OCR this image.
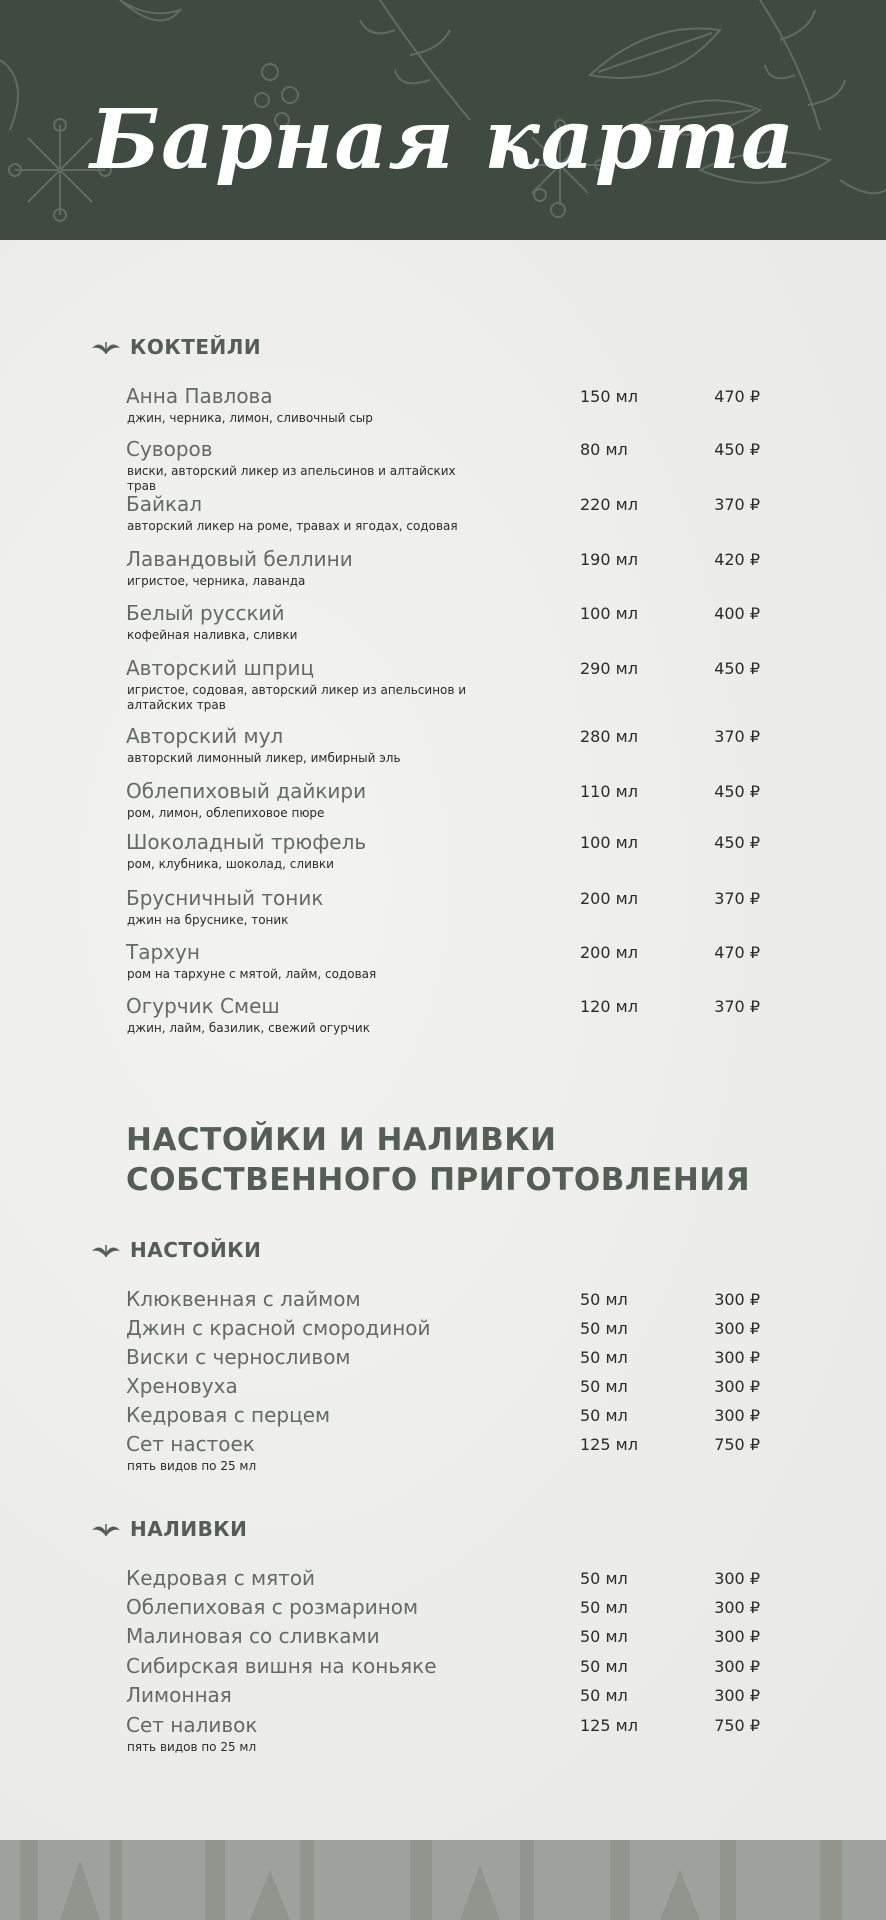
Барная карта
КОКТЕЙЛИ
Анна Павлова
джин, черника, лимон, сливочный сыр
150 мл	470 ₽
Суворов
виски, авторский ликер из апельсинов и алтайских трав
80 мл	450 ₽
Байкал
авторский ликер на роме, травах и ягодах, содовая
220 мл	370 ₽
Лавандовый беллини
игристое, черника, лаванда
190 мл	420 ₽
Белый русский
кофейная наливка, сливки
100 мл	400 ₽
Авторский шприц
игристое, содовая, авторский ликер из апельсинов и алтайских трав
290 мл	450 ₽
Авторский мул
авторский лимонный ликер, имбирный эль
280 мл	370 ₽
Облепиховый дайкири
ром, лимон, облепиховое пюре
110 мл	450 ₽
Шоколадный трюфель
ром, клубника, шоколад, сливки
100 мл	450 ₽
Брусничный тоник
джин на бруснике, тоник
200 мл	370 ₽
Тархун
ром на тархуне с мятой, лайм, содовая
200 мл	470 ₽
Огурчик Смеш
джин, лайм, базилик, свежий огурчик
120 мл	370 ₽
НАСТОЙКИ И НАЛИВКИ СОБСТВЕННОГО ПРИГОТОВЛЕНИЯ
НАСТОЙКИ
Клюквенная с лаймом	50 мл	300 ₽
Джин с красной смородиной	50 мл	300 ₽
Виски с черносливом	50 мл	300 ₽
Хреновуха	50 мл	300 ₽
Кедровая с перцем	50 мл	300 ₽
Сет настоек
пять видов по 25 мл
125 мл	750 ₽
НАЛИВКИ
Кедровая с мятой	50 мл	300 ₽
Облепиховая с розмарином	50 мл	300 ₽
Малиновая со сливками	50 мл	300 ₽
Сибирская вишня на коньяке	50 мл	300 ₽
Лимонная	50 мл	300 ₽
Сет наливок
пять видов по 25 мл
125 мл	750 ₽
